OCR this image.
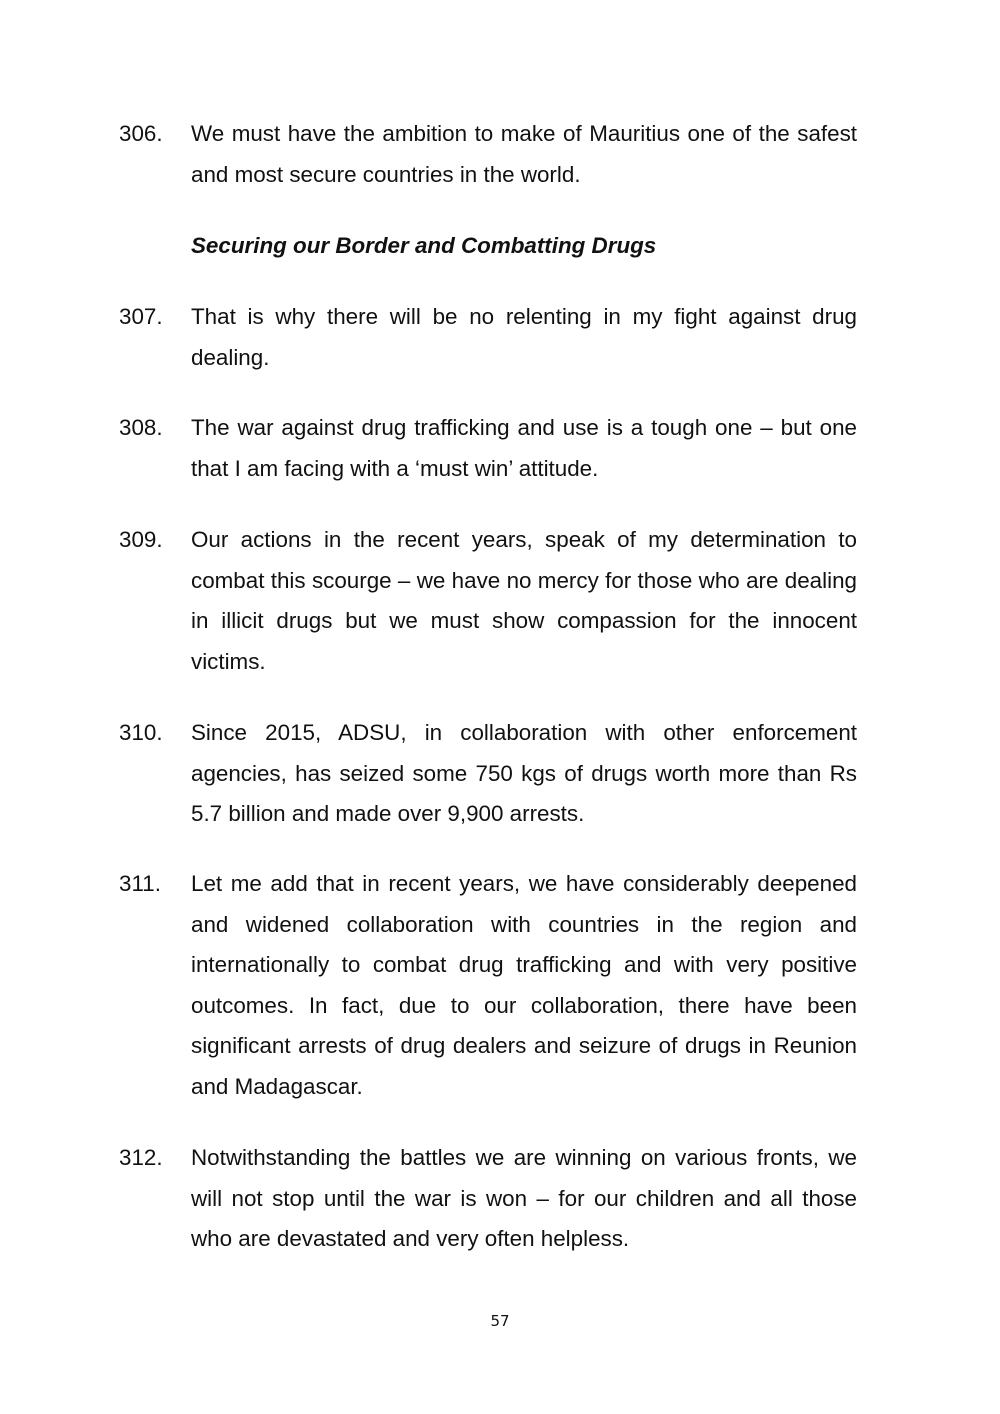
306.	We must have the ambition to make of Mauritius one of the safest and most secure countries in the world.
Securing our Border and Combatting Drugs
307.	That is why there will be no relenting in my fight against drug dealing.
308.	The war against drug trafficking and use is a tough one – but one that I am facing with a ‘must win’ attitude.
309.	Our actions in the recent years, speak of my determination to combat this scourge – we have no mercy for those who are dealing in illicit drugs but we must show compassion for the innocent victims.
310.	Since 2015, ADSU, in collaboration with other enforcement agencies, has seized some 750 kgs of drugs worth more than Rs 5.7 billion and made over 9,900 arrests.
311.	Let me add that in recent years, we have considerably deepened and widened collaboration with countries in the region and internationally to combat drug trafficking and with very positive outcomes. In fact, due to our collaboration, there have been significant arrests of drug dealers and seizure of drugs in Reunion and Madagascar.
312.	Notwithstanding the battles we are winning on various fronts, we will not stop until the war is won – for our children and all those who are devastated and very often helpless.
57
